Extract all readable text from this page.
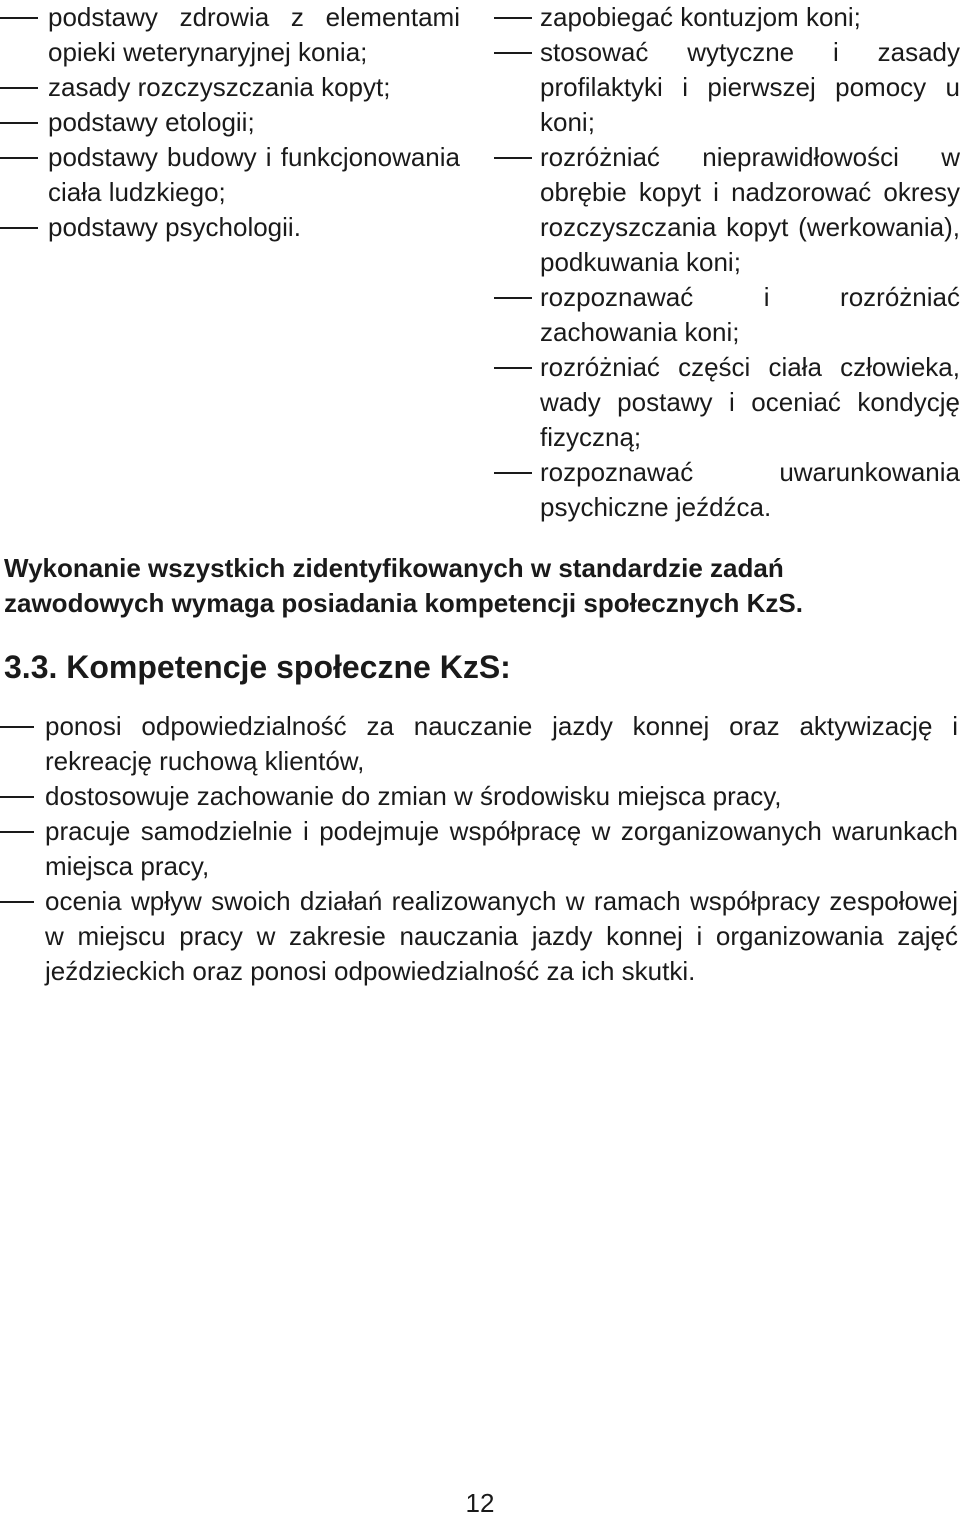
podstawy zdrowia z elementami opieki weterynaryjnej konia;
zasady rozczyszczania kopyt;
podstawy etologii;
podstawy budowy i funkcjonowania ciała ludzkiego;
podstawy psychologii.
zapobiegać kontuzjom koni;
stosować wytyczne i zasady profilaktyki i pierwszej pomocy u koni;
rozróżniać nieprawidłowości w obrębie kopyt i nadzorować okresy rozczyszczania kopyt (werkowania), podkuwania koni;
rozpoznawać i rozróżniać zachowania koni;
rozróżniać części ciała człowieka, wady postawy i oceniać kondycję fizyczną;
rozpoznawać uwarunkowania psychiczne jeźdźca.

Wykonanie wszystkich zidentyfikowanych w standardzie zadań zawodowych wymaga posiadania kompetencji społecznych KzS.

3.3. Kompetencje społeczne KzS:
ponosi odpowiedzialność za nauczanie jazdy konnej oraz aktywizację i rekreację ruchową klientów,
dostosowuje zachowanie do zmian w środowisku miejsca pracy,
pracuje samodzielnie i podejmuje współpracę w zorganizowanych warunkach miejsca pracy,
ocenia wpływ swoich działań realizowanych w ramach współpracy zespołowej w miejscu pracy w zakresie nauczania jazdy konnej i organizowania zajęć jeździeckich oraz ponosi odpowiedzialność za ich skutki.
12
